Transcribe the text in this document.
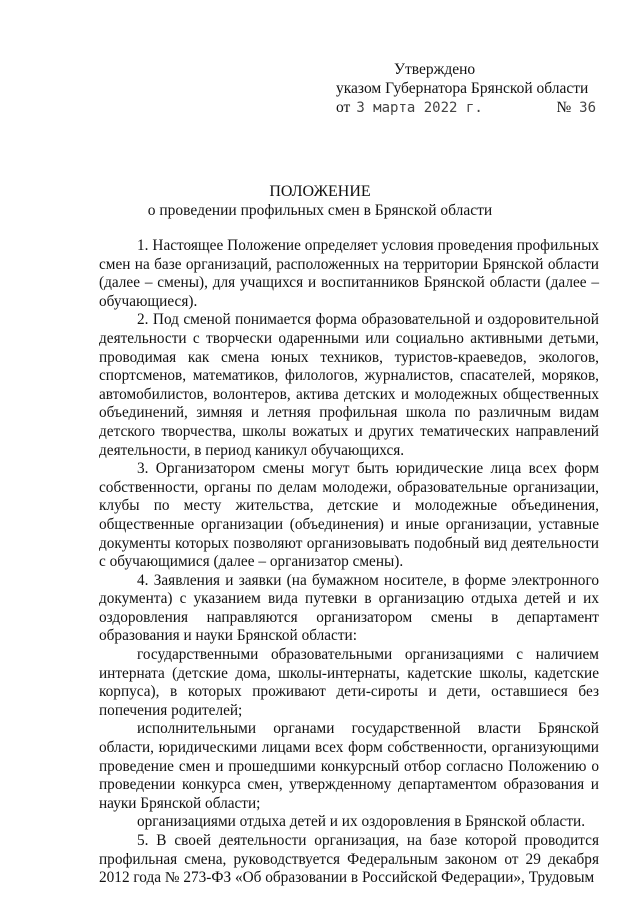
Утверждено
указом Губернатора Брянской области
от 3 марта 2022 г.	№ 36
ПОЛОЖЕНИЕ
о проведении профильных смен в Брянской области

1. Настоящее Положение определяет условия проведения профильных смен на базе организаций, расположенных на территории Брянской области (далее – смены), для учащихся и воспитанников Брянской области (далее – обучающиеся).

2. Под сменой понимается форма образовательной и оздоровительной деятельности с творчески одаренными или социально активными детьми, проводимая как смена юных техников, туристов-краеведов, экологов, спортсменов, математиков, филологов, журналистов, спасателей, моряков, автомобилистов, волонтеров, актива детских и молодежных общественных объединений, зимняя и летняя профильная школа по различным видам детского творчества, школы вожатых и других тематических направлений деятельности, в период каникул обучающихся.

3. Организатором смены могут быть юридические лица всех форм собственности, органы по делам молодежи, образовательные организации, клубы по месту жительства, детские и молодежные объединения, общественные организации (объединения) и иные организации, уставные документы которых позволяют организовывать подобный вид деятельности с обучающимися (далее – организатор смены).

4. Заявления и заявки (на бумажном носителе, в форме электронного документа) с указанием вида путевки в организацию отдыха детей и их оздоровления направляются организатором смены в департамент образования и науки Брянской области:

государственными образовательными организациями с наличием интерната (детские дома, школы-интернаты, кадетские школы, кадетские корпуса), в которых проживают дети-сироты и дети, оставшиеся без попечения родителей;

исполнительными органами государственной власти Брянской области, юридическими лицами всех форм собственности, организующими проведение смен и прошедшими конкурсный отбор согласно Положению о проведении конкурса смен, утвержденному департаментом образования и науки Брянской области;

организациями отдыха детей и их оздоровления в Брянской области.

5. В своей деятельности организация, на базе которой проводится профильная смена, руководствуется Федеральным законом от 29 декабря 2012 года № 273-ФЗ «Об образовании в Российской Федерации», Трудовым
